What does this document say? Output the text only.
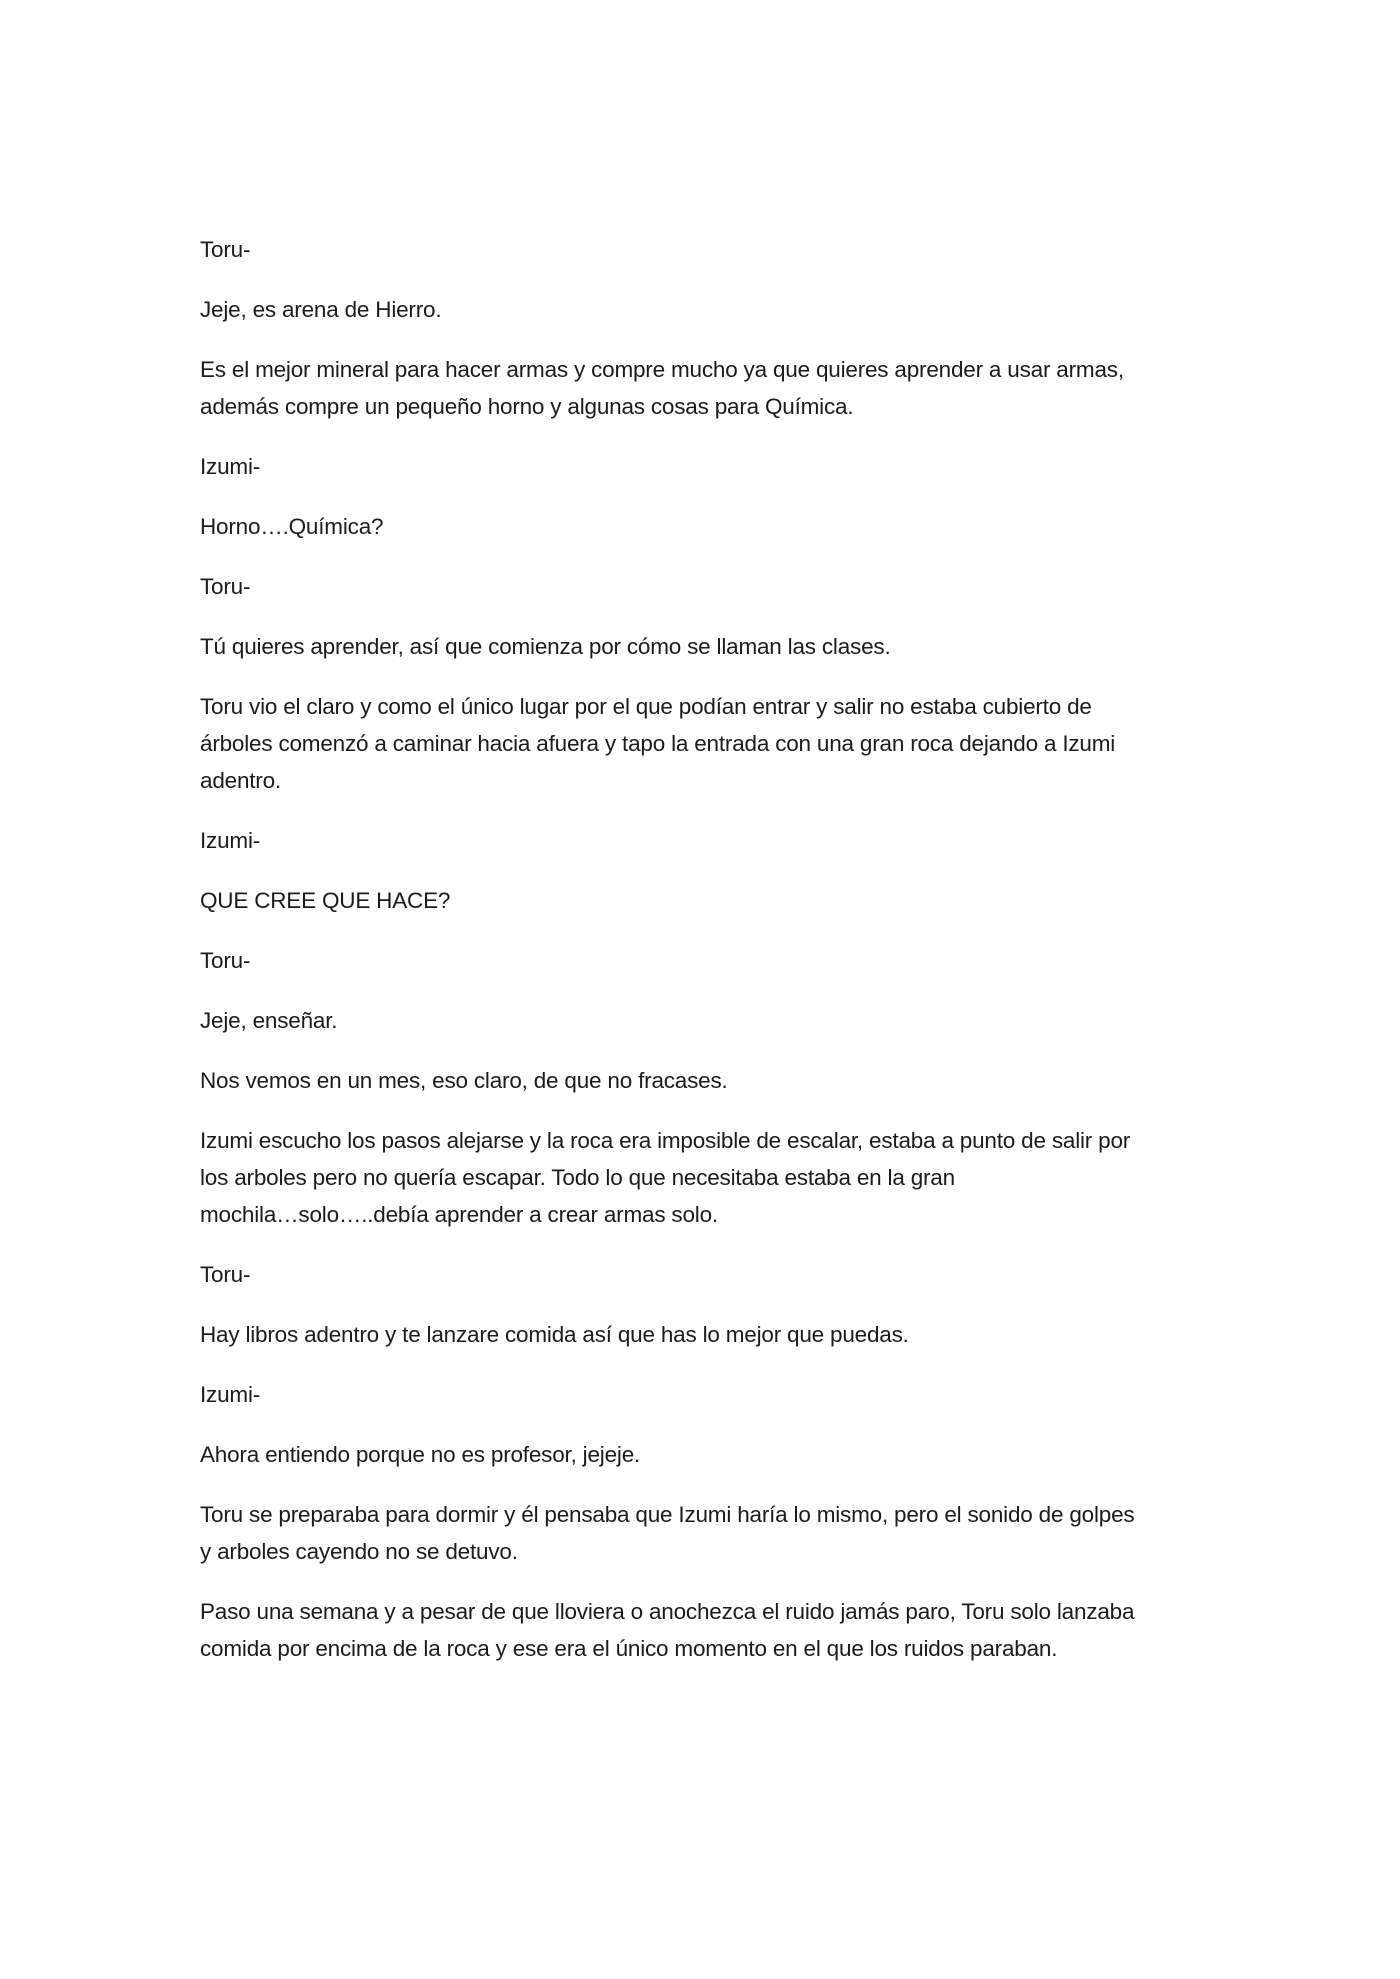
Toru-

Jeje, es arena de Hierro.

Es el mejor mineral para hacer armas y compre mucho ya que quieres aprender a usar armas,
además compre un pequeño horno y algunas cosas para Química.

Izumi-

Horno….Química?

Toru-

Tú quieres aprender, así que comienza por cómo se llaman las clases.

Toru vio el claro y como el único lugar por el que podían entrar y salir no estaba cubierto de
árboles comenzó a caminar hacia afuera y tapo la entrada con una gran roca dejando a Izumi
adentro.

Izumi-

QUE CREE QUE HACE?

Toru-

Jeje, enseñar.

Nos vemos en un mes, eso claro, de que no fracases.

Izumi escucho los pasos alejarse y la roca era imposible de escalar, estaba a punto de salir por
los arboles pero no quería escapar. Todo lo que necesitaba estaba en la gran
mochila…solo…..debía aprender a crear armas solo.

Toru-

Hay libros adentro y te lanzare comida así que has lo mejor que puedas.

Izumi-

Ahora entiendo porque no es profesor, jejeje.

Toru se preparaba para dormir y él pensaba que Izumi haría lo mismo, pero el sonido de golpes
y arboles cayendo no se detuvo.

Paso una semana y a pesar de que lloviera o anochezca el ruido jamás paro, Toru solo lanzaba
comida por encima de la roca y ese era el único momento en el que los ruidos paraban.
